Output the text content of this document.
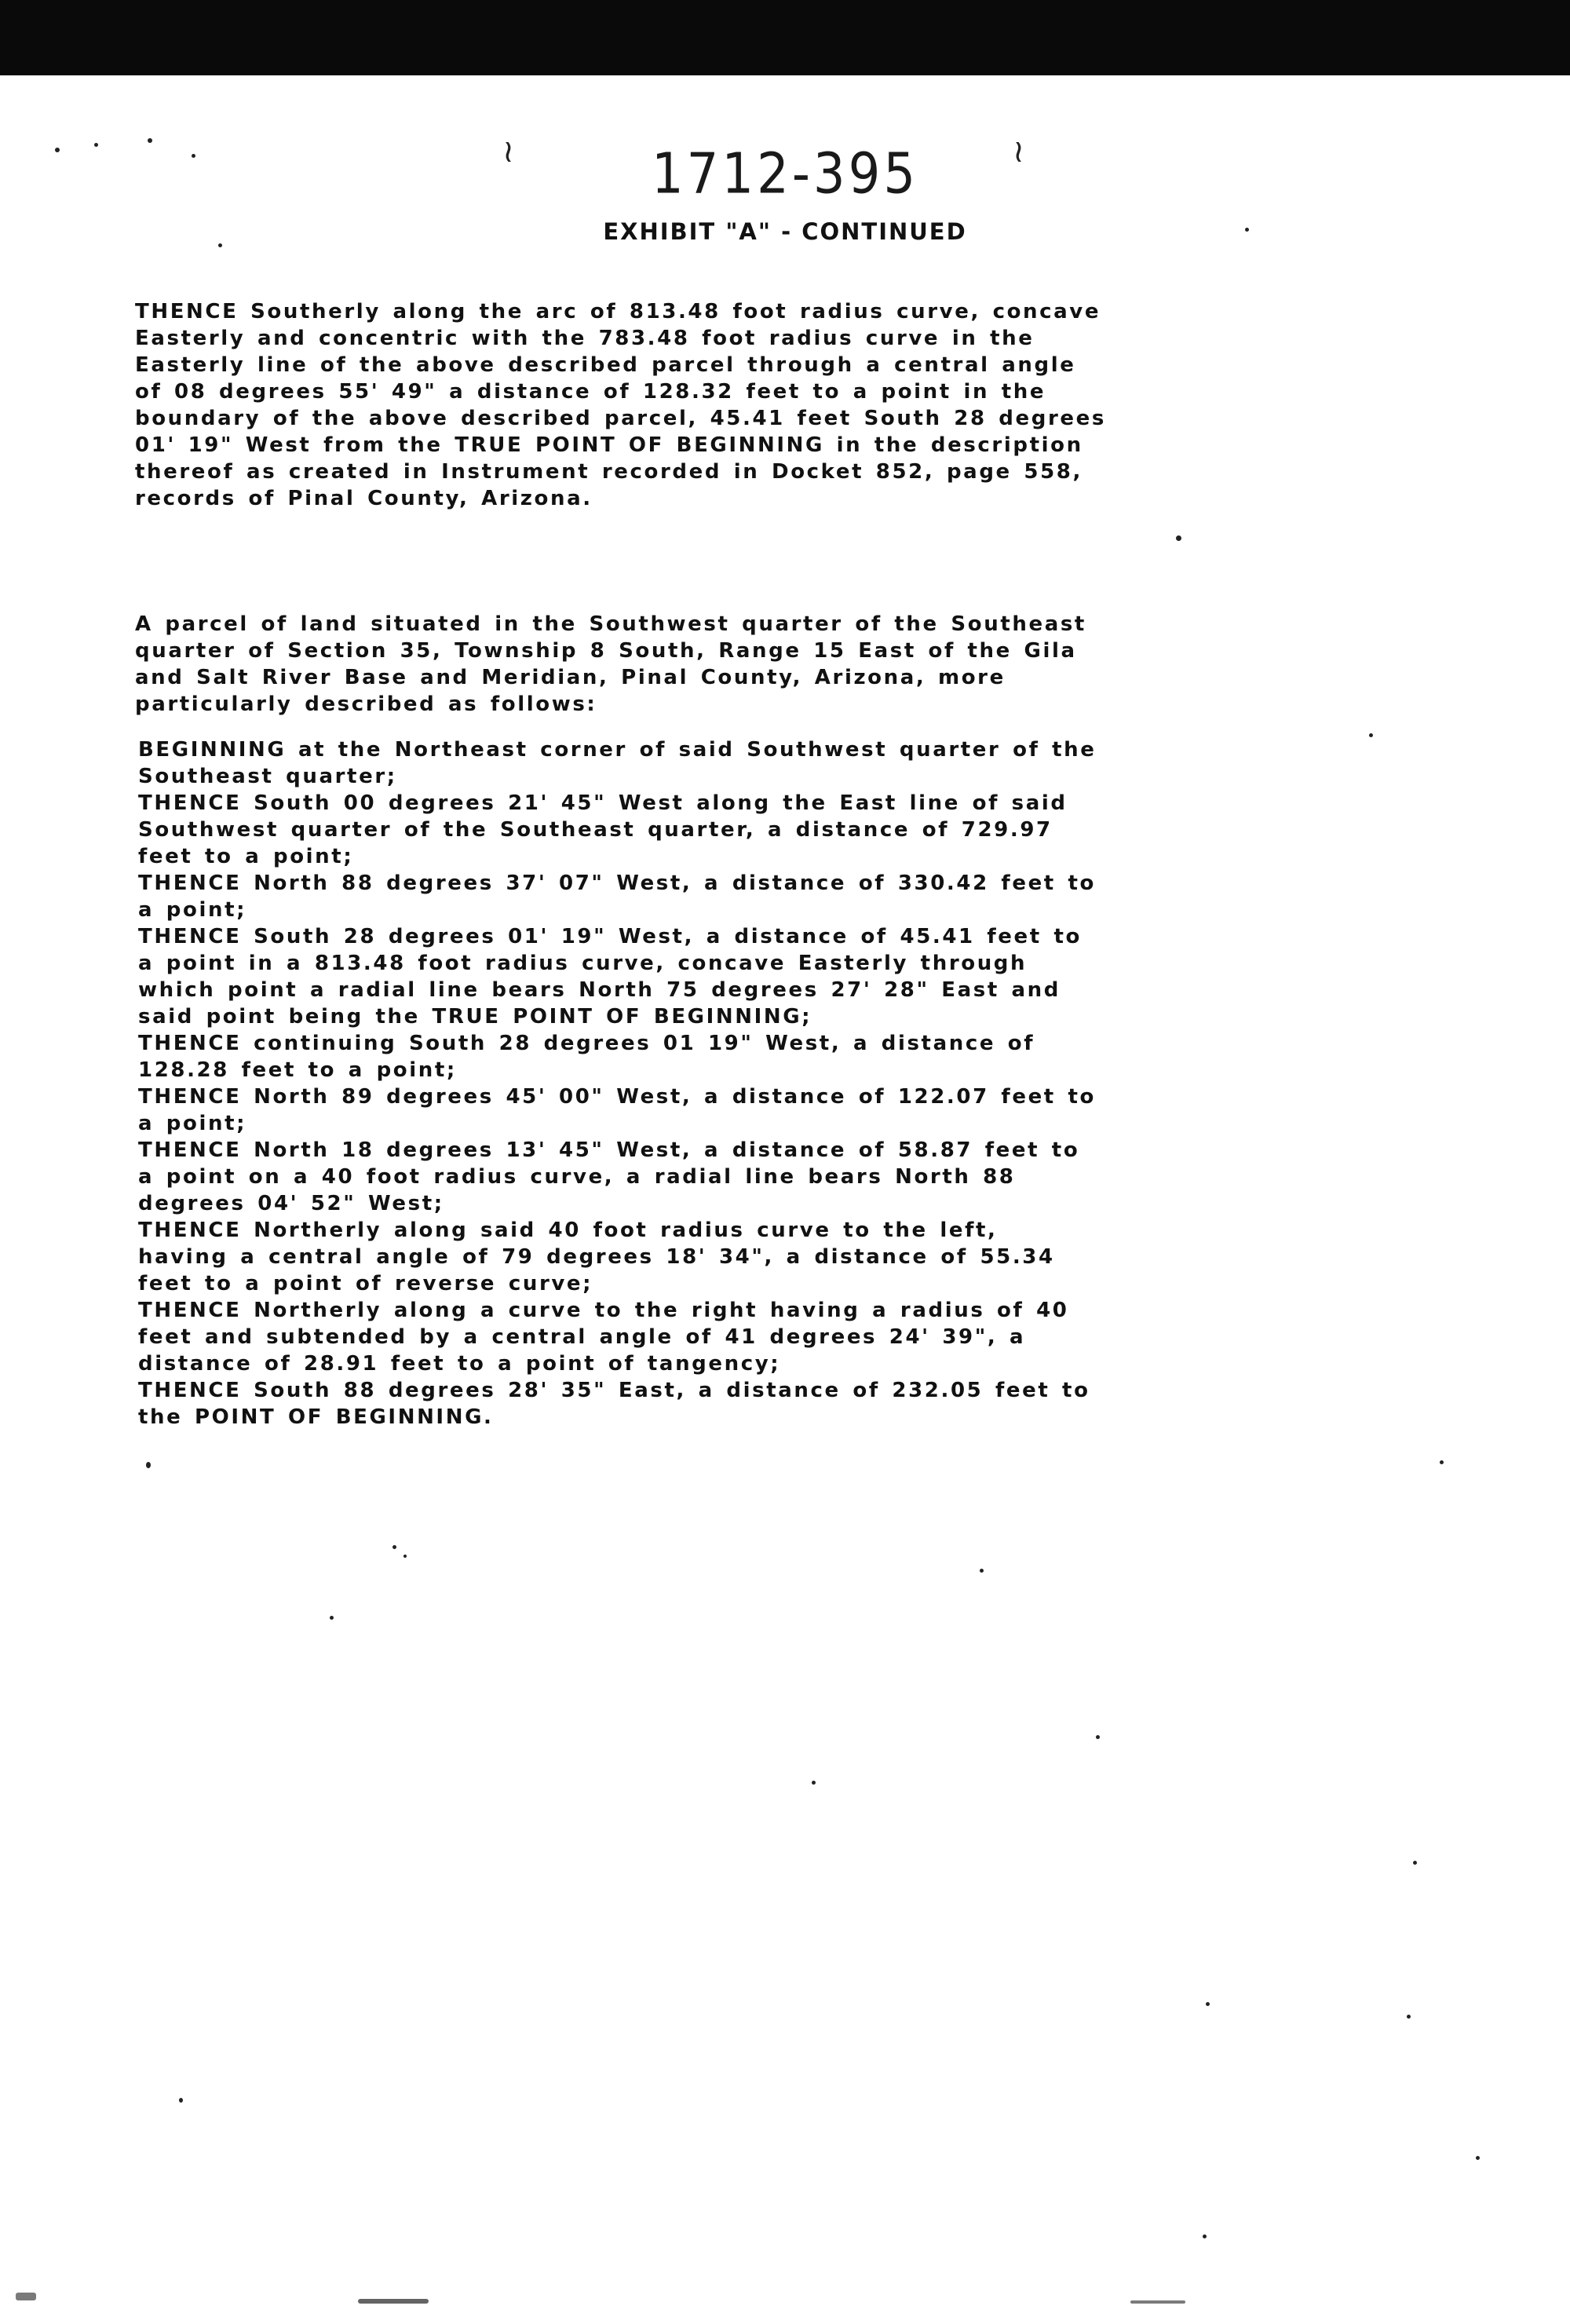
≀	≀
1712-395
EXHIBIT "A" - CONTINUED

THENCE Southerly along the arc of 813.48 foot radius curve, concave
Easterly and concentric with the 783.48 foot radius curve in the
Easterly line of the above described parcel through a central angle
of 08 degrees 55' 49" a distance of 128.32 feet to a point in the
boundary of the above described parcel, 45.41 feet South 28 degrees
01' 19" West from the TRUE POINT OF BEGINNING in the description
thereof as created in Instrument recorded in Docket 852, page 558,
records of Pinal County, Arizona.

A parcel of land situated in the Southwest quarter of the Southeast
quarter of Section 35, Township 8 South, Range 15 East of the Gila
and Salt River Base and Meridian, Pinal County, Arizona, more
particularly described as follows:

BEGINNING at the Northeast corner of said Southwest quarter of the
Southeast quarter;
THENCE South 00 degrees 21' 45" West along the East line of said
Southwest quarter of the Southeast quarter, a distance of 729.97
feet to a point;
THENCE North 88 degrees 37' 07" West, a distance of 330.42 feet to
a point;
THENCE South 28 degrees 01' 19" West, a distance of 45.41 feet to
a point in a 813.48 foot radius curve, concave Easterly through
which point a radial line bears North 75 degrees 27' 28" East and
said point being the TRUE POINT OF BEGINNING;
THENCE continuing South 28 degrees 01 19" West, a distance of
128.28 feet to a point;
THENCE North 89 degrees 45' 00" West, a distance of 122.07 feet to
a point;
THENCE North 18 degrees 13' 45" West, a distance of 58.87 feet to
a point on a 40 foot radius curve, a radial line bears North 88
degrees 04' 52" West;
THENCE Northerly along said 40 foot radius curve to the left,
having a central angle of 79 degrees 18' 34", a distance of 55.34
feet to a point of reverse curve;
THENCE Northerly along a curve to the right having a radius of 40
feet and subtended by a central angle of 41 degrees 24' 39", a
distance of 28.91 feet to a point of tangency;
THENCE South 88 degrees 28' 35" East, a distance of 232.05 feet to
the POINT OF BEGINNING.
